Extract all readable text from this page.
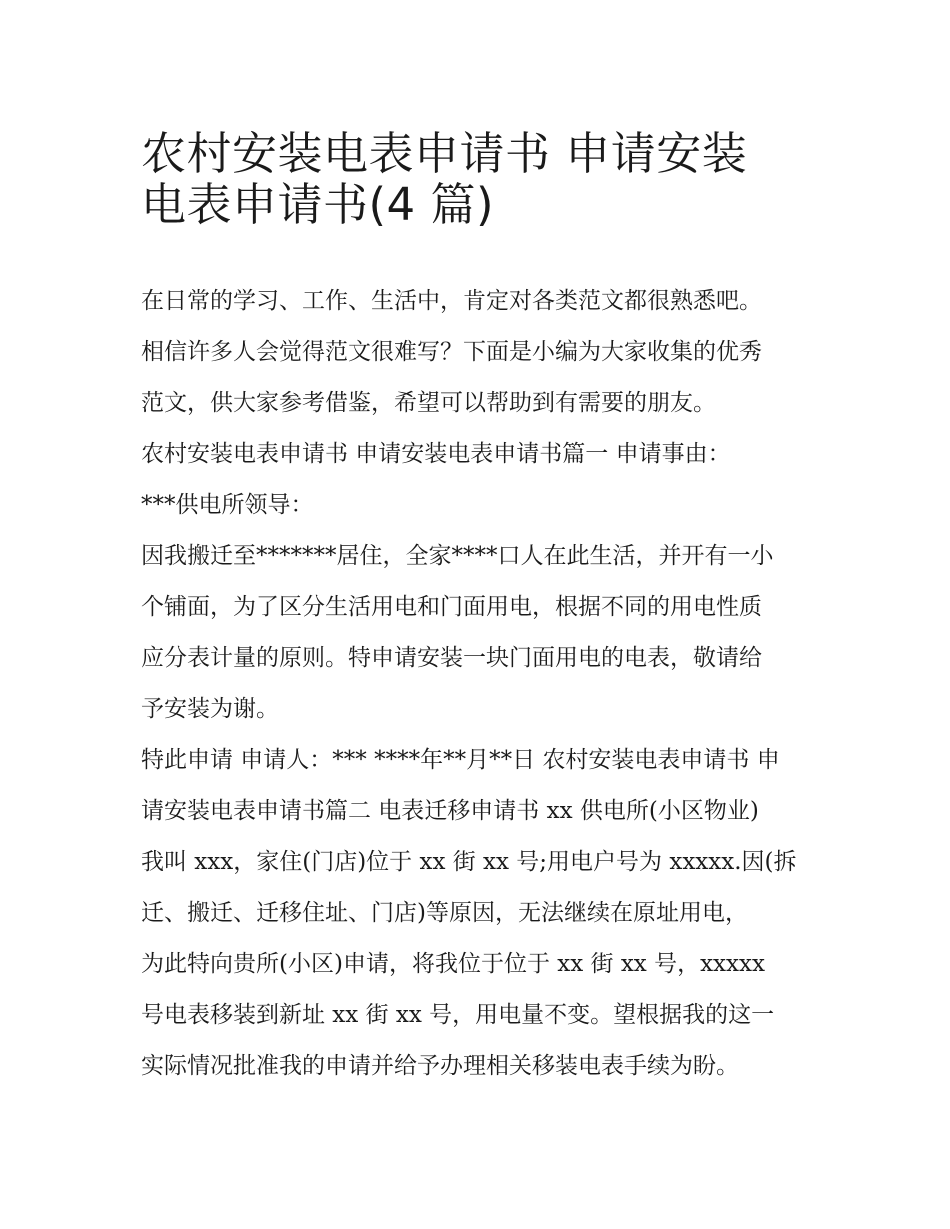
农村安装电表申请书 申请安装
电表申请书(4 篇)
在日常的学习、工作、生活中，肯定对各类范文都很熟悉吧。
相信许多人会觉得范文很难写？下面是小编为大家收集的优秀
范文，供大家参考借鉴，希望可以帮助到有需要的朋友。
农村安装电表申请书 申请安装电表申请书篇一 申请事由：
***供电所领导：
因我搬迁至*******居住，全家****口人在此生活，并开有一小
个铺面，为了区分生活用电和门面用电，根据不同的用电性质
应分表计量的原则。特申请安装一块门面用电的电表，敬请给
予安装为谢。
特此申请 申请人：*** ****年**月**日 农村安装电表申请书 申
请安装电表申请书篇二 电表迁移申请书 xx 供电所(小区物业)
我叫 xxx，家住(门店)位于 xx 街 xx 号;用电户号为 xxxxx.因(拆
迁、搬迁、迁移住址、门店)等原因，无法继续在原址用电，
为此特向贵所(小区)申请，将我位于位于 xx 街 xx 号，xxxxx
号电表移装到新址 xx 街 xx 号，用电量不变。望根据我的这一
实际情况批准我的申请并给予办理相关移装电表手续为盼。
